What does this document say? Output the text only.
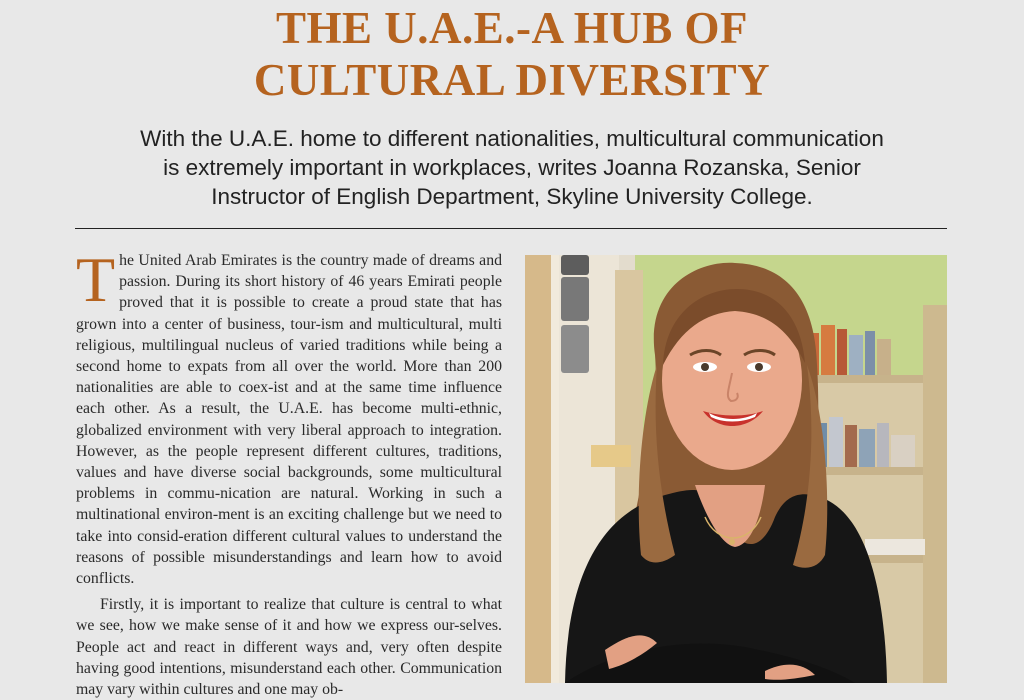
THE U.A.E.-A HUB OF
CULTURAL DIVERSITY
With the U.A.E. home to different nationalities, multicultural communication
is extremely important in workplaces, writes Joanna Rozanska, Senior
Instructor of English Department, Skyline University College.

The United Arab Emirates is the country made of dreams and passion. During its short history of 46 years Emirati people proved that it is possible to create a proud state that has grown into a center of business, tour-ism and multicultural, multi religious, multilingual nucleus of varied traditions while being a second home to expats from all over the world. More than 200 nationalities are able to coex-ist and at the same time influence each other. As a result, the U.A.E. has become multi-ethnic, globalized environment with very liberal approach to integration. However, as the people represent different cultures, traditions, values and have diverse social backgrounds, some multicultural problems in commu-nication are natural. Working in such a multinational environ-ment is an exciting challenge but we need to take into consid-eration different cultural values to understand the reasons of possible misunderstandings and learn how to avoid conflicts.

Firstly, it is important to realize that culture is central to what we see, how we make sense of it and how we express our-selves. People act and react in different ways and, very often despite having good intentions, misunderstand each other. Communication may vary within cultures and one may ob-
